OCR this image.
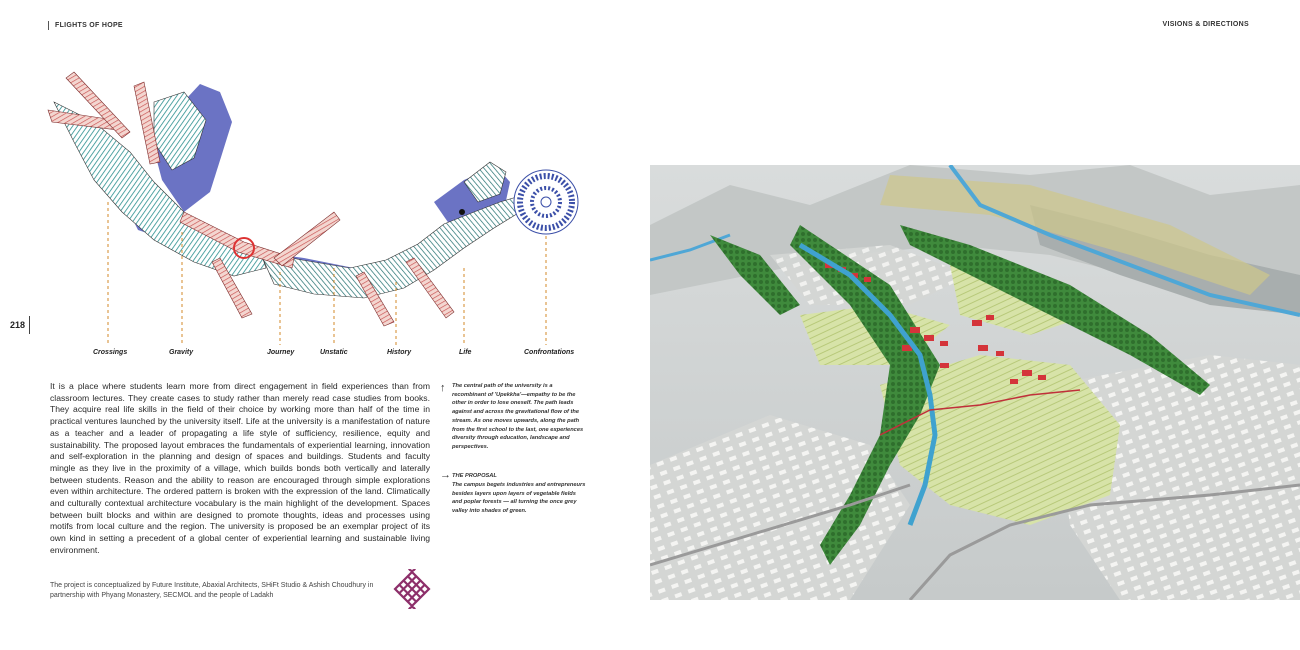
FLIGHTS OF HOPE	VISIONS & DIRECTIONS
218
Crossings	Gravity	Journey	Unstatic	History	Life	Confrontations
It is a place where students learn more from direct engagement in field experiences than from classroom lectures. They create cases to study rather than merely read case studies from books. They acquire real life skills in the field of their choice by working more than half of the time in practical ventures launched by the university itself. Life at the university is a manifestation of nature as a teacher and a leader of propagating a life style of sufficiency, resilience, equity and sustainability. The proposed layout embraces the fundamentals of experiential learning, innovation and self-exploration in the planning and design of spaces and buildings. Students and faculty mingle as they live in the proximity of a village, which builds bonds both vertically and laterally between students. Reason and the ability to reason are encouraged through simple explorations even within architecture. The ordered pattern is broken with the expression of the land. Climatically and culturally contextual architecture vocabulary is the main highlight of the development. Spaces between built blocks and within are designed to promote thoughts, ideas and processes using motifs from local culture and the region. The university is proposed be an exemplar project of its own kind in setting a precedent of a global center of experiential learning and sustainable living environment.
↑ The central path of the university is a recombinant of 'Upekkha'—empathy to be the other in order to lose oneself. The path leads against and across the gravitational flow of the stream. As one moves upwards, along the path from the first school to the last, one experiences diversity through education, landscape and perspectives.
→ THE PROPOSAL
The campus begets industries and entrepreneurs besides layers upon layers of vegetable fields and poplar forests — all turning the once grey valley into shades of green.
The project is conceptualized by Future Institute, Abaxial Architects, SHiFt Studio & Ashish Choudhury in partnership with Phyang Monastery, SECMOL and the people of Ladakh
